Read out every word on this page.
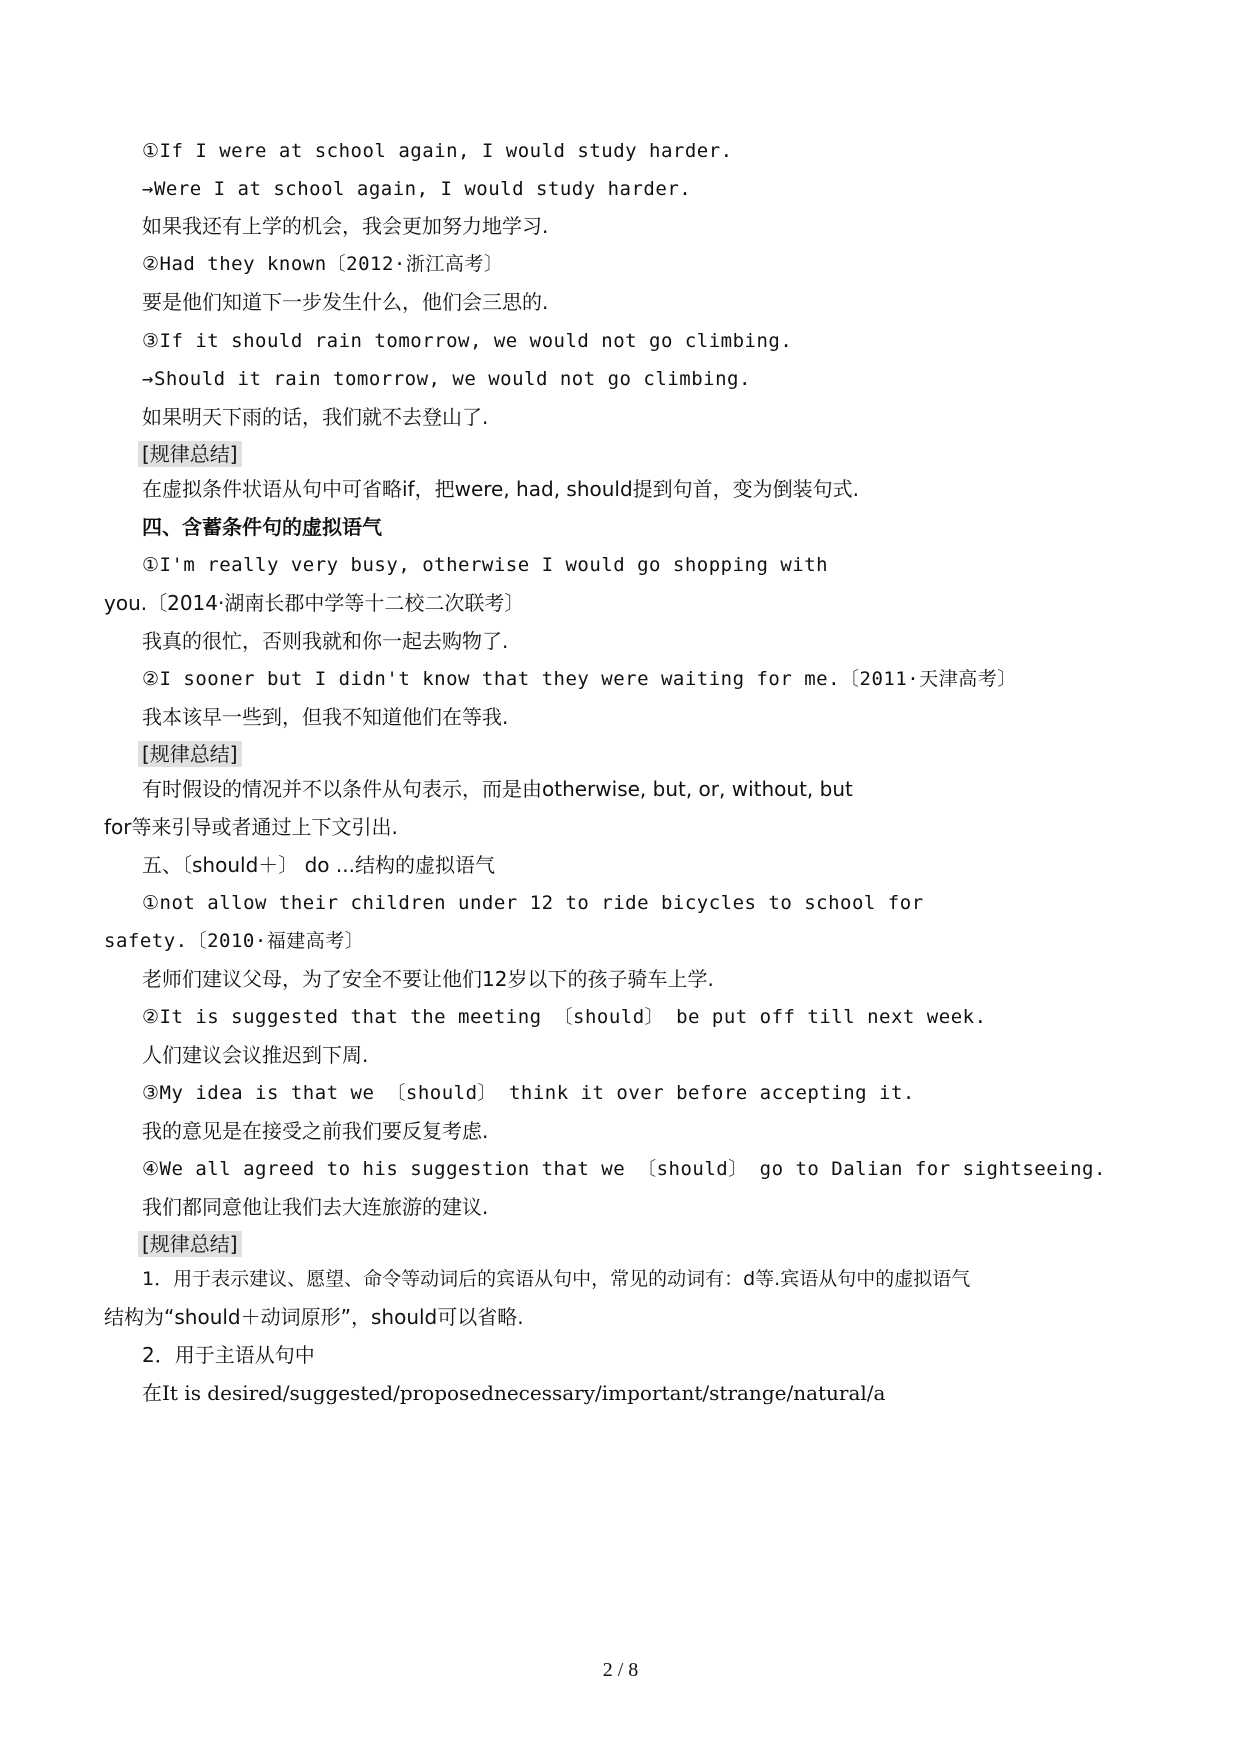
①If I were at school again, I would study harder.
→Were I at school again, I would study harder.
如果我还有上学的机会，我会更加努力地学习.
②Had they known〔2012·浙江高考〕
要是他们知道下一步发生什么，他们会三思的.
③If it should rain tomorrow, we would not go climbing.
→Should it rain tomorrow, we would not go climbing.
如果明天下雨的话，我们就不去登山了.
[规律总结]
在虚拟条件状语从句中可省略if，把were, had, should提到句首，变为倒装句式.
四、含蓄条件句的虚拟语气
①I'm really very busy, otherwise I would go shopping with
you.〔2014·湖南长郡中学等十二校二次联考〕
我真的很忙，否则我就和你一起去购物了.
②I sooner but I didn't know that they were waiting for me.〔2011·天津高考〕
我本该早一些到，但我不知道他们在等我.
[规律总结]
有时假设的情况并不以条件从句表示，而是由otherwise, but, or, without, but
for等来引导或者通过上下文引出.
五、〔should＋〕 do ...结构的虚拟语气
①not allow their children under 12 to ride bicycles to school for
safety.〔2010·福建高考〕
老师们建议父母，为了安全不要让他们12岁以下的孩子骑车上学.
②It is suggested that the meeting 〔should〕 be put off till next week.
人们建议会议推迟到下周.
③My idea is that we 〔should〕 think it over before accepting it.
我的意见是在接受之前我们要反复考虑.
④We all agreed to his suggestion that we 〔should〕 go to Dalian for sightseeing.
我们都同意他让我们去大连旅游的建议.
[规律总结]
1．用于表示建议、愿望、命令等动词后的宾语从句中，常见的动词有：d等.宾语从句中的虚拟语气
结构为“should＋动词原形”，should可以省略.
2．用于主语从句中
在It is desired/suggested/proposednecessary/important/strange/natural/a
2 / 8
